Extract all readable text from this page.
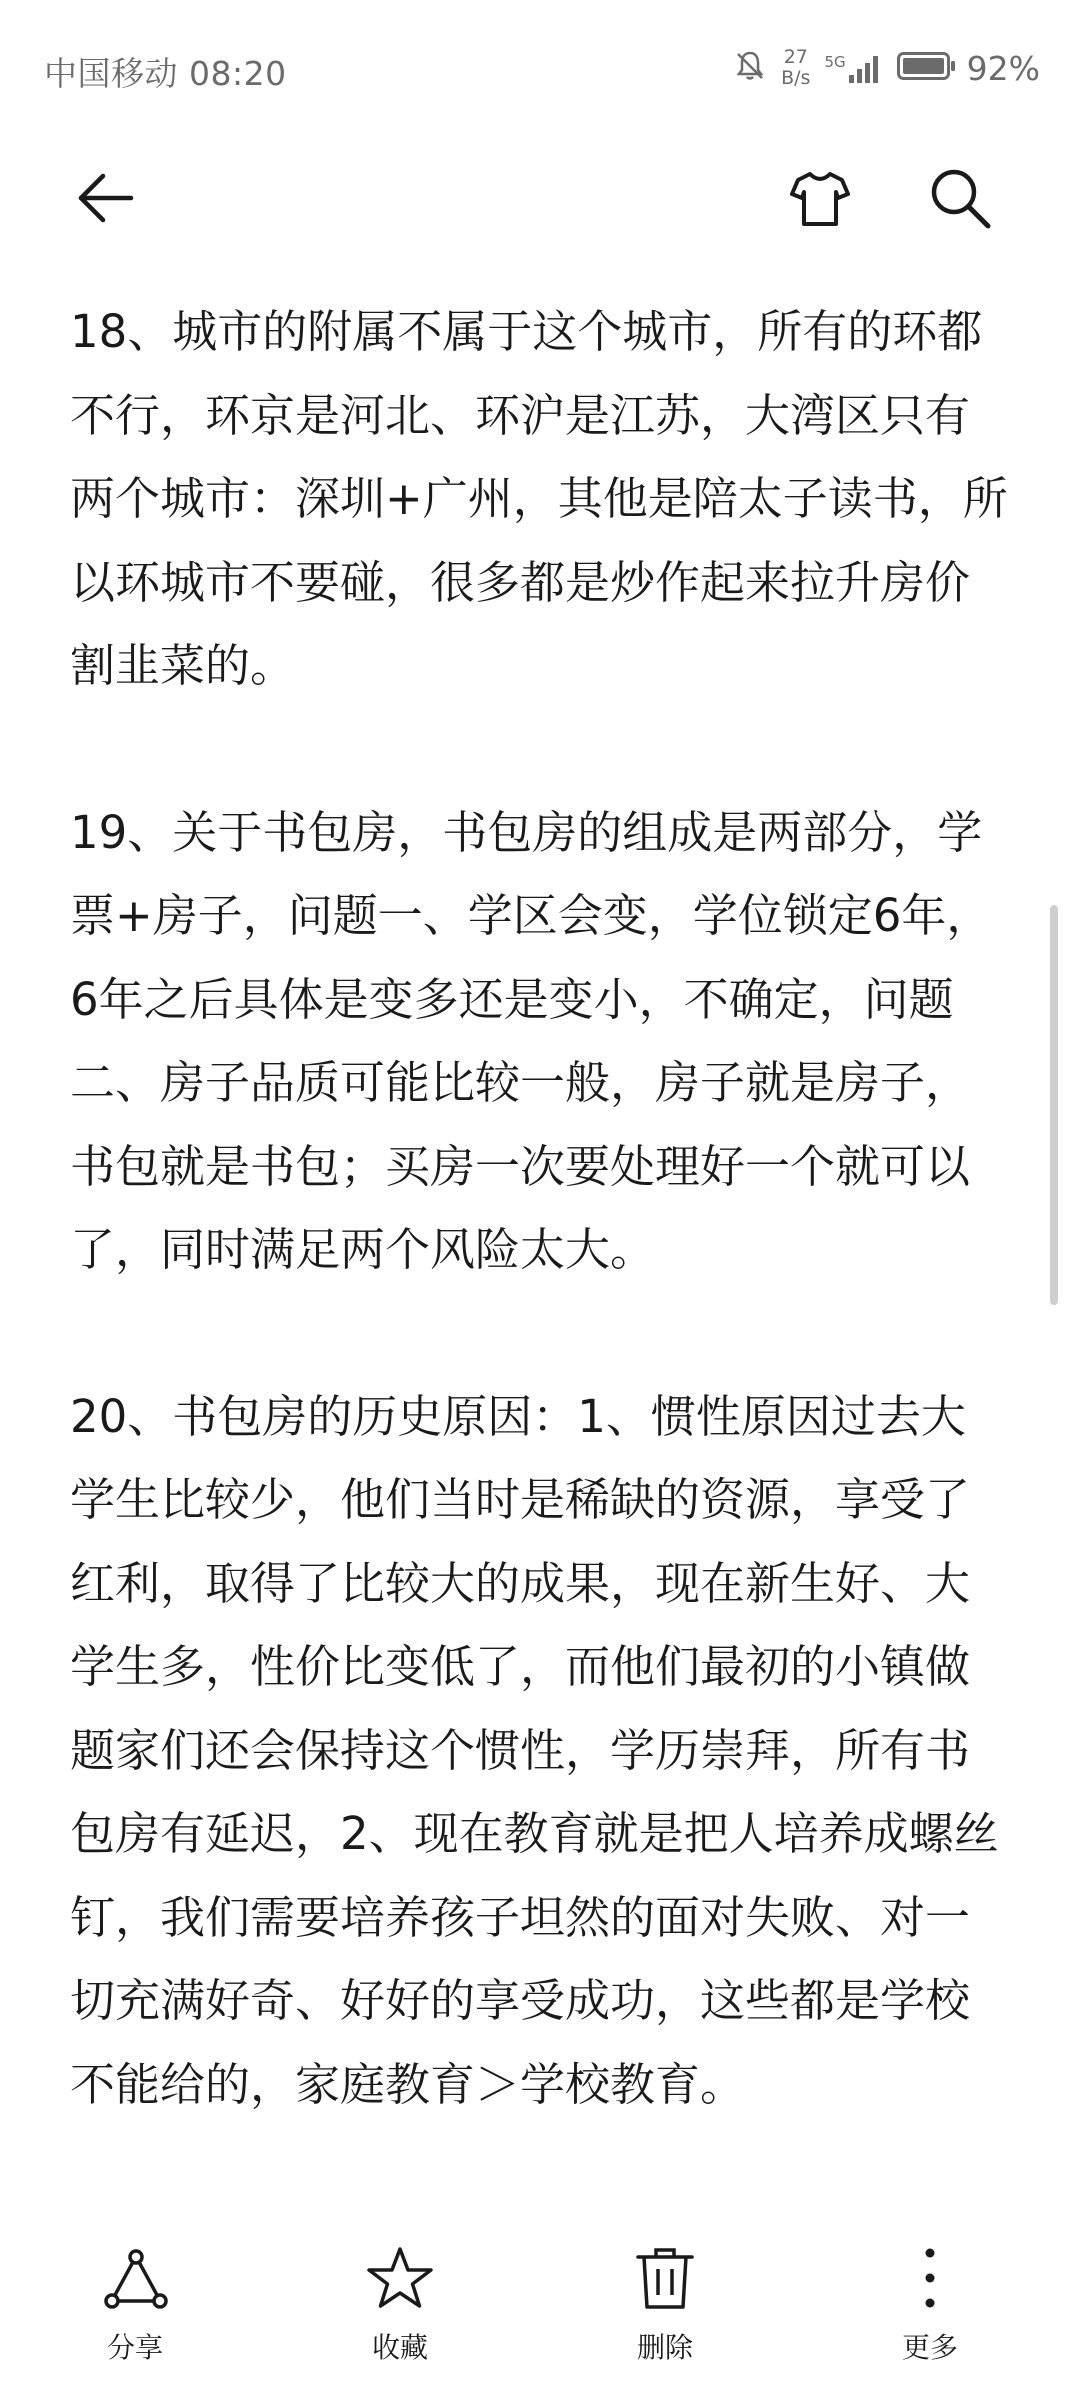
中国移动 08:20	27
B/s
5G	92%

18、城市的附属不属于这个城市，所有的环都不行，环京是河北、环沪是江苏，大湾区只有两个城市：深圳+广州，其他是陪太子读书，所以环城市不要碰，很多都是炒作起来拉升房价割韭菜的。

19、关于书包房，书包房的组成是两部分，学票+房子，问题一、学区会变，学位锁定6年，6年之后具体是变多还是变小，不确定，问题二、房子品质可能比较一般，房子就是房子，书包就是书包；买房一次要处理好一个就可以了，同时满足两个风险太大。

20、书包房的历史原因：1、惯性原因过去大学生比较少，他们当时是稀缺的资源，享受了红利，取得了比较大的成果，现在新生好、大学生多，性价比变低了，而他们最初的小镇做题家们还会保持这个惯性，学历崇拜，所有书包房有延迟，2、现在教育就是把人培养成螺丝钉，我们需要培养孩子坦然的面对失败、对一切充满好奇、好好的享受成功，这些都是学校不能给的，家庭教育＞学校教育。

分享	收藏	删除	更多
